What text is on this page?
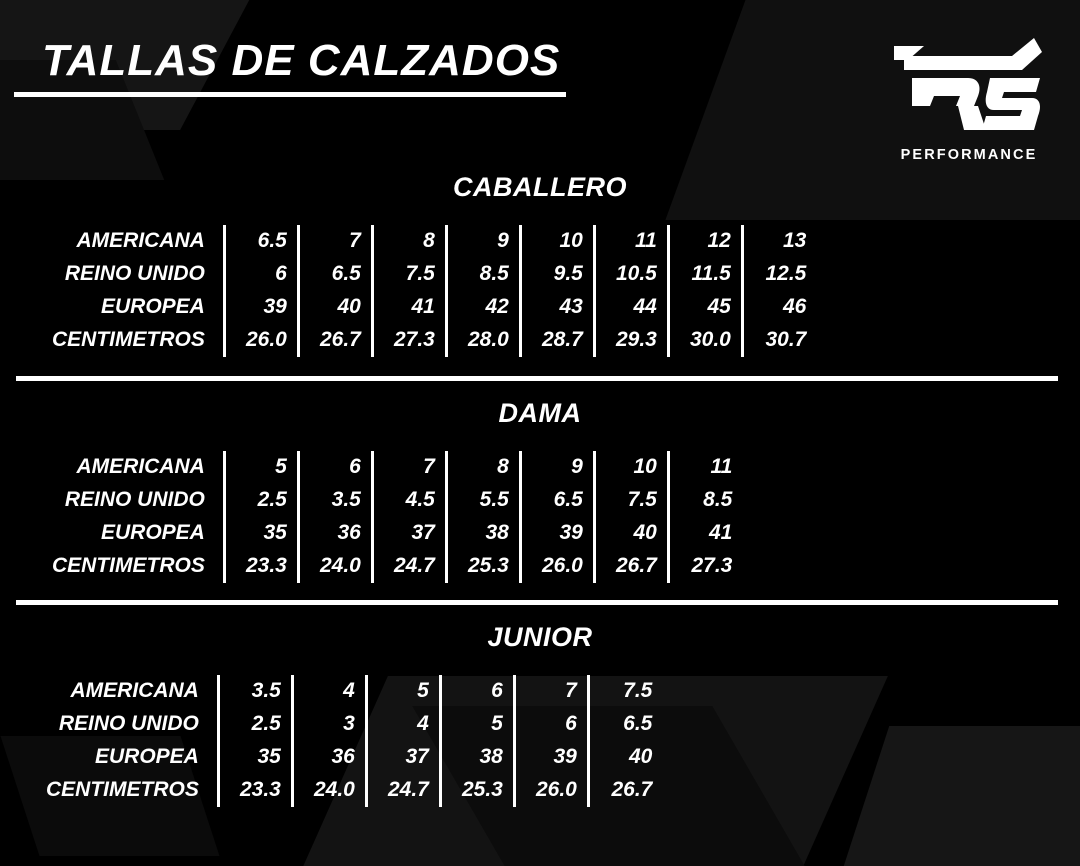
TALLAS DE CALZADOS
PERFORMANCE
CABALLERO
AMERICANA	6.5	7	8	9	10	11	12	13
REINO UNIDO	6	6.5	7.5	8.5	9.5	10.5	11.5	12.5
EUROPEA	39	40	41	42	43	44	45	46
CENTIMETROS	26.0	26.7	27.3	28.0	28.7	29.3	30.0	30.7
DAMA
AMERICANA	5	6	7	8	9	10	11
REINO UNIDO	2.5	3.5	4.5	5.5	6.5	7.5	8.5
EUROPEA	35	36	37	38	39	40	41
CENTIMETROS	23.3	24.0	24.7	25.3	26.0	26.7	27.3
JUNIOR
AMERICANA	3.5	4	5	6	7	7.5
REINO UNIDO	2.5	3	4	5	6	6.5
EUROPEA	35	36	37	38	39	40
CENTIMETROS	23.3	24.0	24.7	25.3	26.0	26.7
